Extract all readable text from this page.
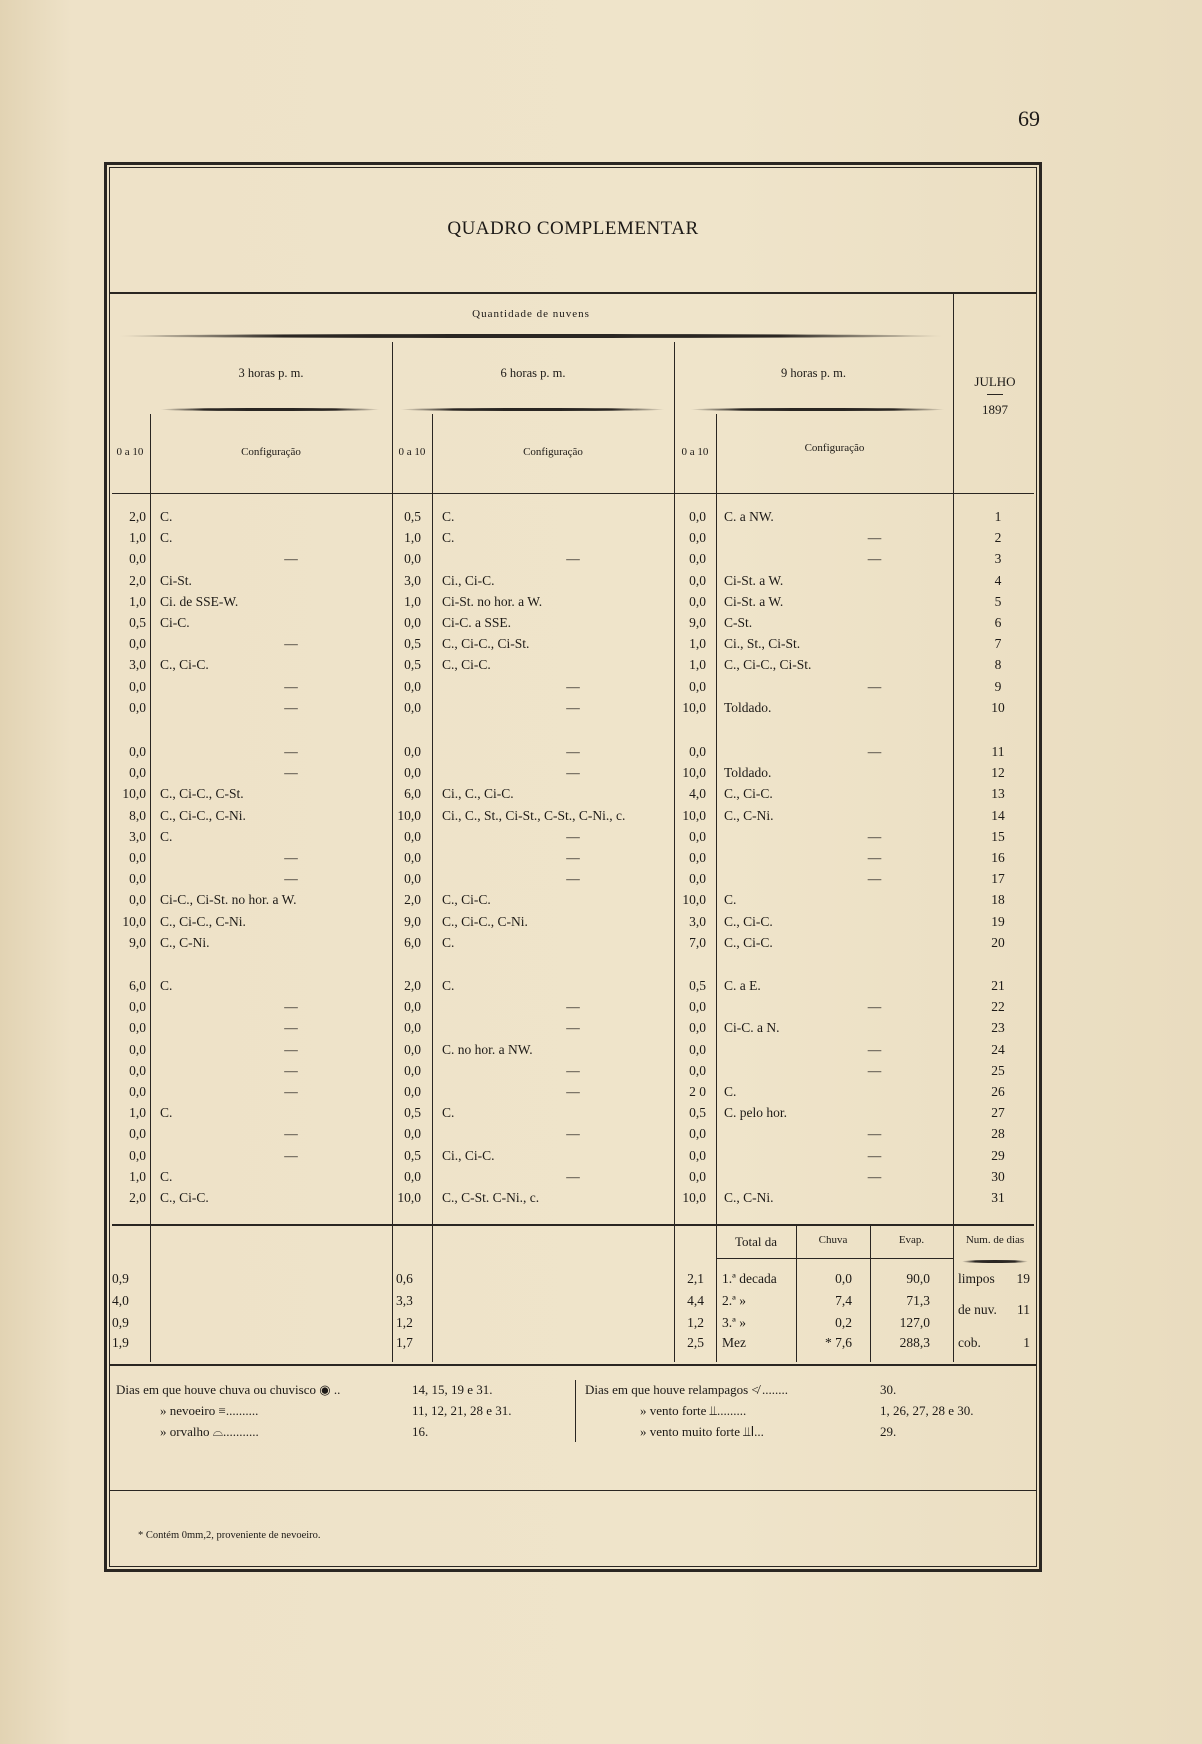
69
QUADRO COMPLEMENTAR
Quantidade de nuvens
3 horas p. m.	6 horas p. m.	9 horas p. m.
0 a 10	0 a 10	0 a 10
Configuração	Configuração	Configuração
JULHO
1897
2,0 C.	0,5 C.	0,0 C. a NW.	1
1,0 C.	1,0 C.	0,0	—	2
0,0	—	0,0	—	0,0	—	3
2,0 Ci-St.	3,0 Ci., Ci-C.	0,0 Ci-St. a W.	4
1,0 Ci. de SSE-W.	1,0 Ci-St. no hor. a W.	0,0 Ci-St. a W.	5
0,5 Ci-C.	0,0 Ci-C. a SSE.	9,0 C-St.	6
0,0	—	0,5 C., Ci-C., Ci-St.	1,0 Ci., St., Ci-St.	7
3,0 C., Ci-C.	0,5 C., Ci-C.	1,0 C., Ci-C., Ci-St.	8
0,0	—	0,0	—	0,0	—	9
0,0	—	0,0	—	10,0 Toldado.	10
0,0	—	0,0	—	0,0	—	11
0,0	—	0,0	—	10,0 Toldado.	12
10,0 C., Ci-C., C-St.	6,0 Ci., C., Ci-C.	4,0 C., Ci-C.	13
8,0 C., Ci-C., C-Ni.	10,0 Ci., C., St., Ci-St., C-St., C-Ni., c.	10,0 C., C-Ni.	14
3,0 C.	0,0	—	0,0	—	15
0,0	—	0,0	—	0,0	—	16
0,0	—	0,0	—	0,0	—	17
0,0 Ci-C., Ci-St. no hor. a W.	2,0 C., Ci-C.	10,0 C.	18
10,0 C., Ci-C., C-Ni.	9,0 C., Ci-C., C-Ni.	3,0 C., Ci-C.	19
9,0 C., C-Ni.	6,0 C.	7,0 C., Ci-C.	20
6,0 C.	2,0 C.	0,5 C. a E.	21
0,0	—	0,0	—	0,0	—	22
0,0	—	0,0	—	0,0 Ci-C. a N.	23
0,0	—	0,0 C. no hor. a NW.	0,0	—	24
0,0	—	0,0	—	0,0	—	25
0,0	—	0,0	—	2 0 C.	26
1,0 C.	0,5 C.	0,5 C. pelo hor.	27
0,0	—	0,0	—	0,0	—	28
0,0	—	0,5 Ci., Ci-C.	0,0	—	29
1,0 C.	0,0	—	0,0	—	30
2,0 C., Ci-C.	10,0 C., C-St. C-Ni., c.	10,0 C., C-Ni.	31
Total da	Chuva	Evap.	Num. de dias
0,9	0,6	2,1 1.ª decada	0,0	90,0
4,0	3,3	4,4 2.ª »	7,4	71,3
0,9	1,2	1,2 3.ª »	0,2	127,0
1,9	1,7	2,5 Mez	* 7,6	288,3
limpos	19
de nuv.	11
cob.	1
Dias em que houve chuva ou chuvisco ◉ ..	14, 15, 19 e 31.
» nevoeiro ≡..........	11, 12, 21, 28 e 31.
» orvalho ⌓...........	16.
Dias em que houve relampagos ≮ ........	30.
» vento forte ⫫.........	1, 26, 27, 28 e 30.
» vento muito forte ⫫ⅼ...	29.
* Contém 0mm,2, proveniente de nevoeiro.
